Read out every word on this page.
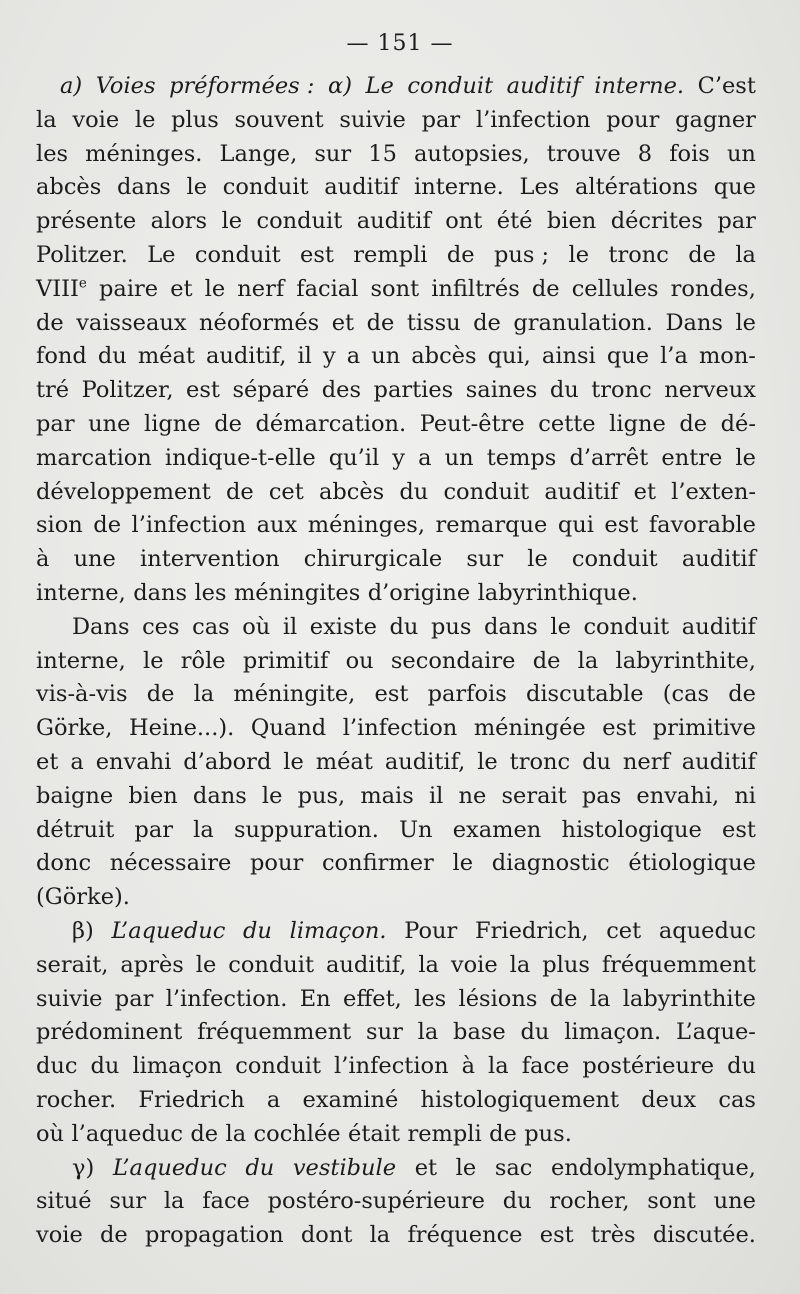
— 151 —
a) Voies préformées : α) Le conduit auditif interne. C’est
la voie le plus souvent suivie par l’infection pour gagner
les méninges. Lange, sur 15 autopsies, trouve 8 fois un
abcès dans le conduit auditif interne. Les altérations que
présente alors le conduit auditif ont été bien décrites par
Politzer. Le conduit est rempli de pus ; le tronc de la
VIIIe paire et le nerf facial sont infiltrés de cellules rondes,
de vaisseaux néoformés et de tissu de granulation. Dans le
fond du méat auditif, il y a un abcès qui, ainsi que l’a mon-
tré Politzer, est séparé des parties saines du tronc nerveux
par une ligne de démarcation. Peut-être cette ligne de dé-
marcation indique-t-elle qu’il y a un temps d’arrêt entre le
développement de cet abcès du conduit auditif et l’exten-
sion de l’infection aux méninges, remarque qui est favorable
à une intervention chirurgicale sur le conduit auditif
interne, dans les méningites d’origine labyrinthique.
Dans ces cas où il existe du pus dans le conduit auditif
interne, le rôle primitif ou secondaire de la labyrinthite,
vis-à-vis de la méningite, est parfois discutable (cas de
Görke, Heine...). Quand l’infection méningée est primitive
et a envahi d’abord le méat auditif, le tronc du nerf auditif
baigne bien dans le pus, mais il ne serait pas envahi, ni
détruit par la suppuration. Un examen histologique est
donc nécessaire pour confirmer le diagnostic étiologique
(Görke).
β) L’aqueduc du limaçon. Pour Friedrich, cet aqueduc
serait, après le conduit auditif, la voie la plus fréquemment
suivie par l’infection. En effet, les lésions de la labyrinthite
prédominent fréquemment sur la base du limaçon. L’aque-
duc du limaçon conduit l’infection à la face postérieure du
rocher. Friedrich a examiné histologiquement deux cas
où l’aqueduc de la cochlée était rempli de pus.
γ) L’aqueduc du vestibule et le sac endolymphatique,
situé sur la face postéro-supérieure du rocher, sont une
voie de propagation dont la fréquence est très discutée.
